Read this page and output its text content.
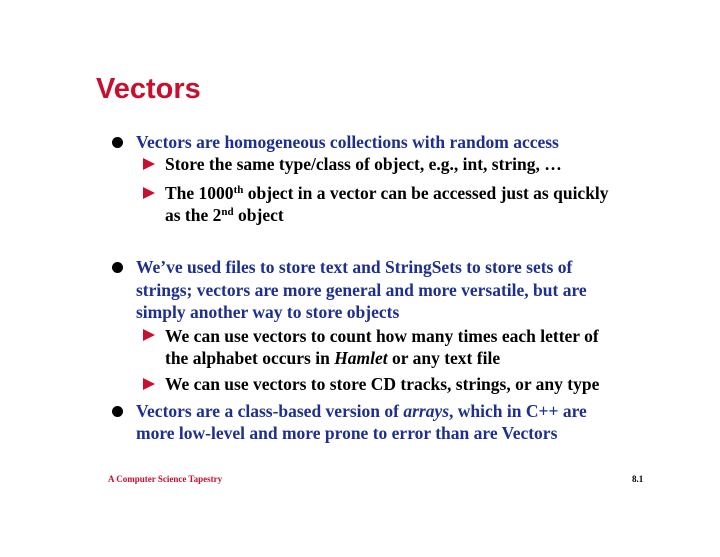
Vectors
Vectors are homogeneous collections with random access
Store the same type/class of object, e.g., int, string, …
The 1000th object in a vector can be accessed just as quickly
as the 2nd object
We’ve used files to store text and StringSets to store sets of
strings; vectors are more general and more versatile, but are
simply another way to store objects
We can use vectors to count how many times each letter of
the alphabet occurs in Hamlet or any text file
We can use vectors to store CD tracks, strings, or any type
Vectors are a class-based version of arrays, which in C++ are
more low-level and more prone to error than are Vectors
A Computer Science Tapestry	8.1
